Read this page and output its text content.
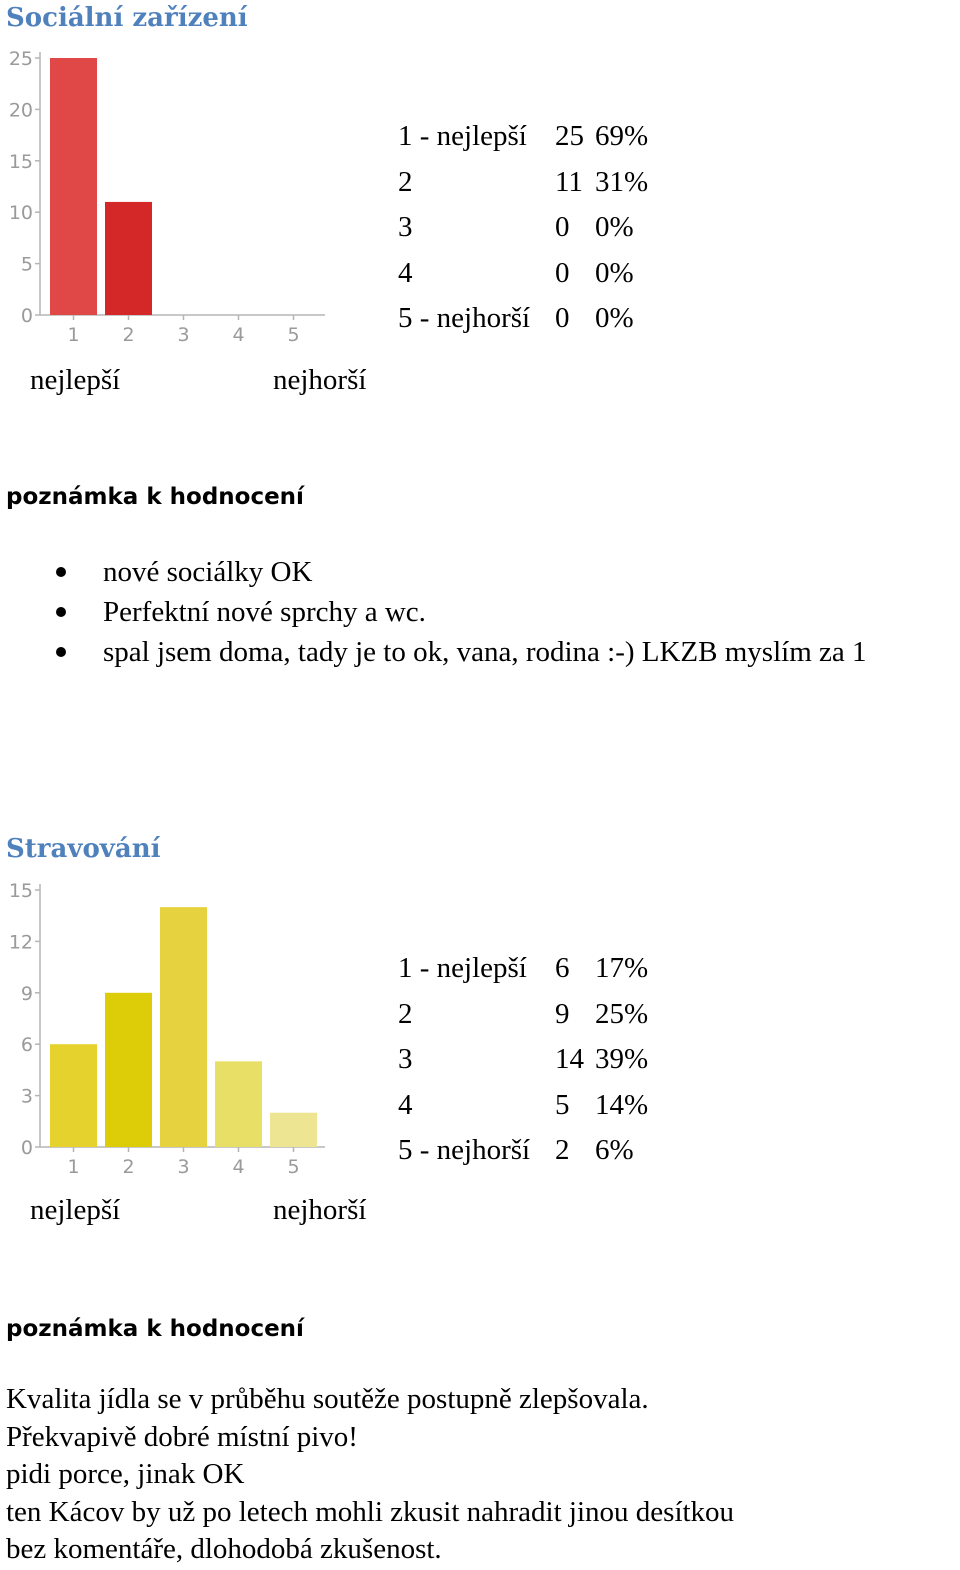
Sociální zařízení
0
5
10
15
20
25
1 2 3 4 5
nejlepší	nejhorší
1 - nejlepší	25	69%
2	11	31%
3	0	0%
4	0	0%
5 - nejhorší	0	0%
poznámka k hodnocení
nové sociálky OK
Perfektní nové sprchy a wc.
spal jsem doma, tady je to ok, vana, rodina :-) LKZB myslím za 1
Stravování
0
3
6
9
12
15
1 2 3 4 5
nejlepší	nejhorší
1 - nejlepší	6	17%
2	9	25%
3	14	39%
4	5	14%
5 - nejhorší	2	6%
poznámka k hodnocení
Kvalita jídla se v průběhu soutěže postupně zlepšovala.
Překvapivě dobré místní pivo!
pidi porce, jinak OK
ten Kácov by už po letech mohli zkusit nahradit jinou desítkou
bez komentáře, dlohodobá zkušenost.
